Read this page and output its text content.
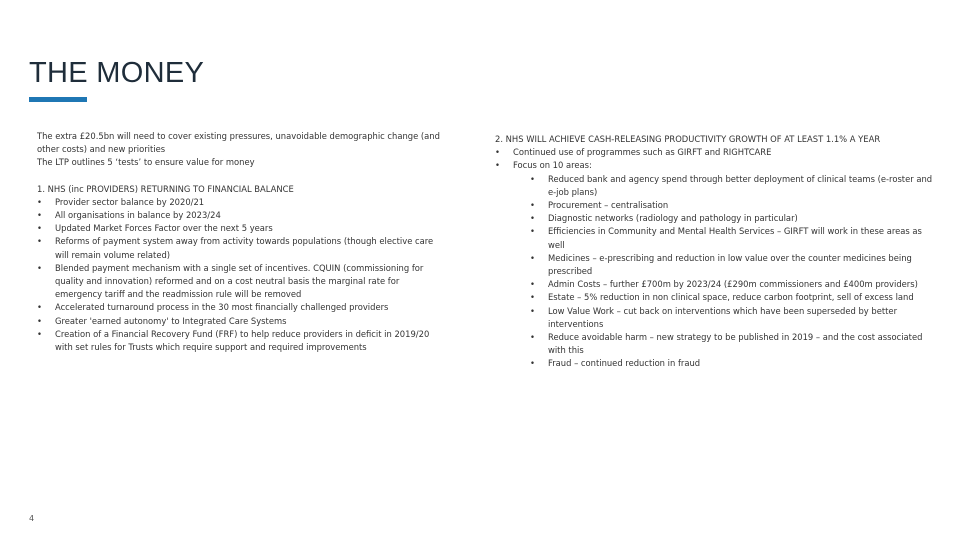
THE MONEY

The extra £20.5bn will need to cover existing pressures, unavoidable demographic change (and other costs) and new priorities

The LTP outlines 5 ‘tests’ to ensure value for money

1. NHS (inc PROVIDERS) RETURNING TO FINANCIAL BALANCE

• Provider sector balance by 2020/21
• All organisations in balance by 2023/24
• Updated Market Forces Factor over the next 5 years
• Reforms of payment system away from activity towards populations (though elective care will remain volume related)
• Blended payment mechanism with a single set of incentives. CQUIN (commissioning for quality and innovation) reformed and on a cost neutral basis the marginal rate for emergency tariff and the readmission rule will be removed
• Accelerated turnaround process in the 30 most financially challenged providers
• Greater 'earned autonomy' to Integrated Care Systems
• Creation of a Financial Recovery Fund (FRF) to help reduce providers in deficit in 2019/20 with set rules for Trusts which require support and required improvements

2. NHS WILL ACHIEVE CASH-RELEASING PRODUCTIVITY GROWTH OF AT LEAST 1.1% A YEAR

• Continued use of programmes such as GIRFT and RIGHTCARE
• Focus on 10 areas:
• Reduced bank and agency spend through better deployment of clinical teams (e-roster and e-job plans)
• Procurement – centralisation
• Diagnostic networks (radiology and pathology in particular)
• Efficiencies in Community and Mental Health Services – GIRFT will work in these areas as well
• Medicines – e-prescribing and reduction in low value over the counter medicines being prescribed
• Admin Costs – further £700m by 2023/24 (£290m commissioners and £400m providers)
• Estate – 5% reduction in non clinical space, reduce carbon footprint, sell of excess land
• Low Value Work – cut back on interventions which have been superseded by better interventions
• Reduce avoidable harm – new strategy to be published in 2019 – and the cost associated with this
• Fraud – continued reduction in fraud
4
